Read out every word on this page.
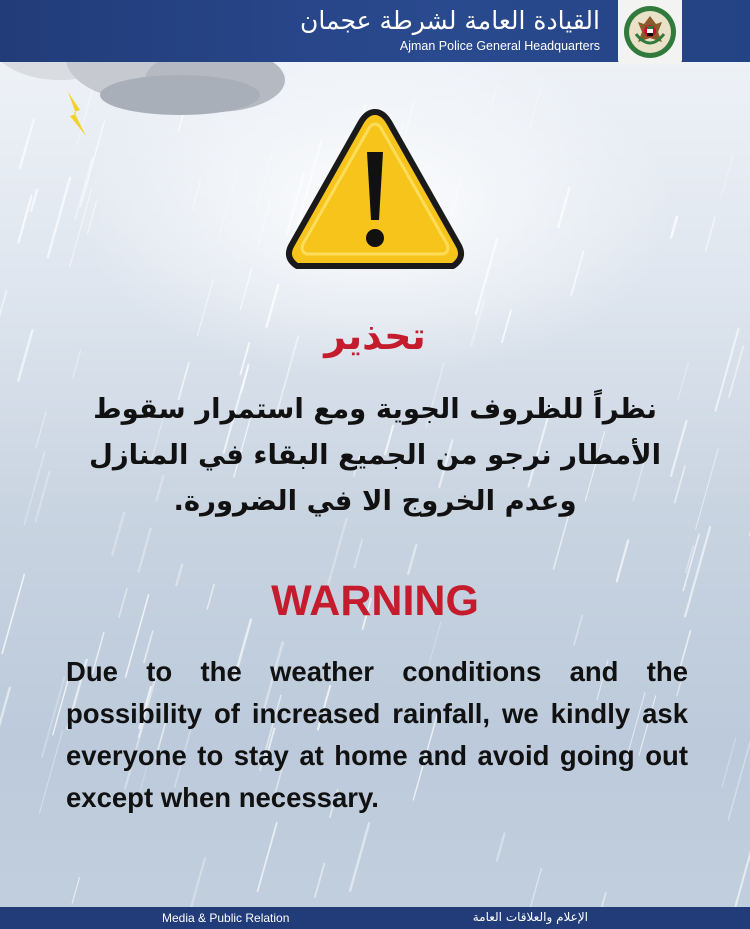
القيادة العامة لشرطة عجمان
Ajman Police General Headquarters
تحذير
نظراً للظروف الجوية ومع استمرار سقوط الأمطار نرجو من الجميع البقاء في المنازل وعدم الخروج الا في الضرورة.
WARNING
Due to the weather conditions and the possibility of increased rainfall, we kindly ask everyone to stay at home and avoid going out except when necessary.
Media & Public Relation	الإعلام والعلاقات العامة
